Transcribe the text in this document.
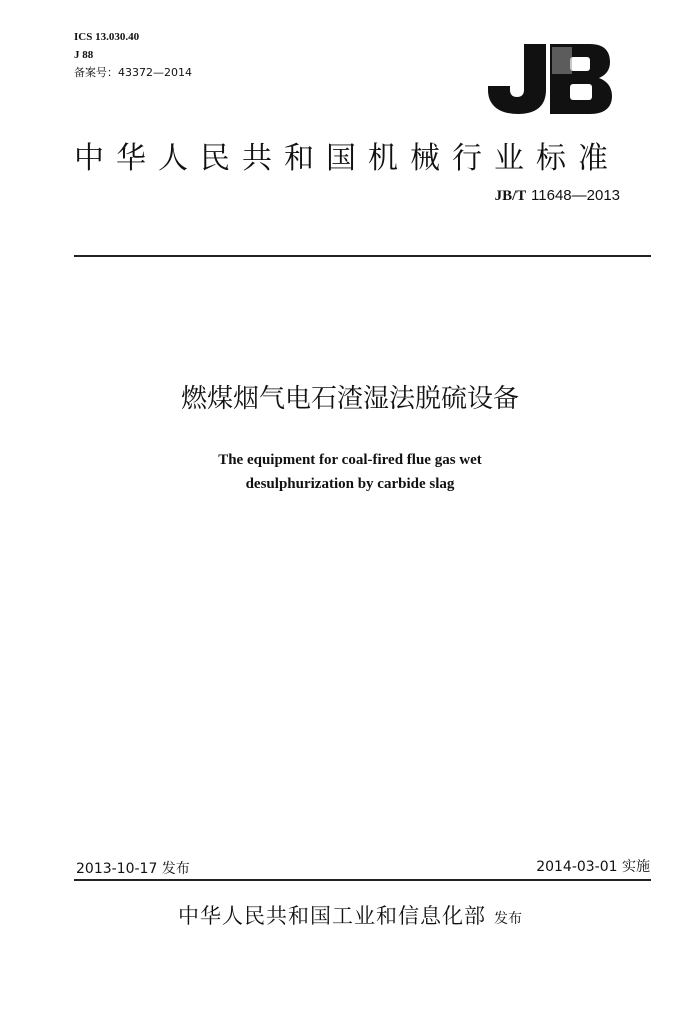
ICS 13.030.40
J 88
备案号：43372—2014
中华人民共和国机械行业标准
JB/T 11648—2013
燃煤烟气电石渣湿法脱硫设备
The equipment for coal-fired flue gas wet
desulphurization by carbide slag
2013-10-17 发布	2014-03-01 实施
中华人民共和国工业和信息化部 发布
